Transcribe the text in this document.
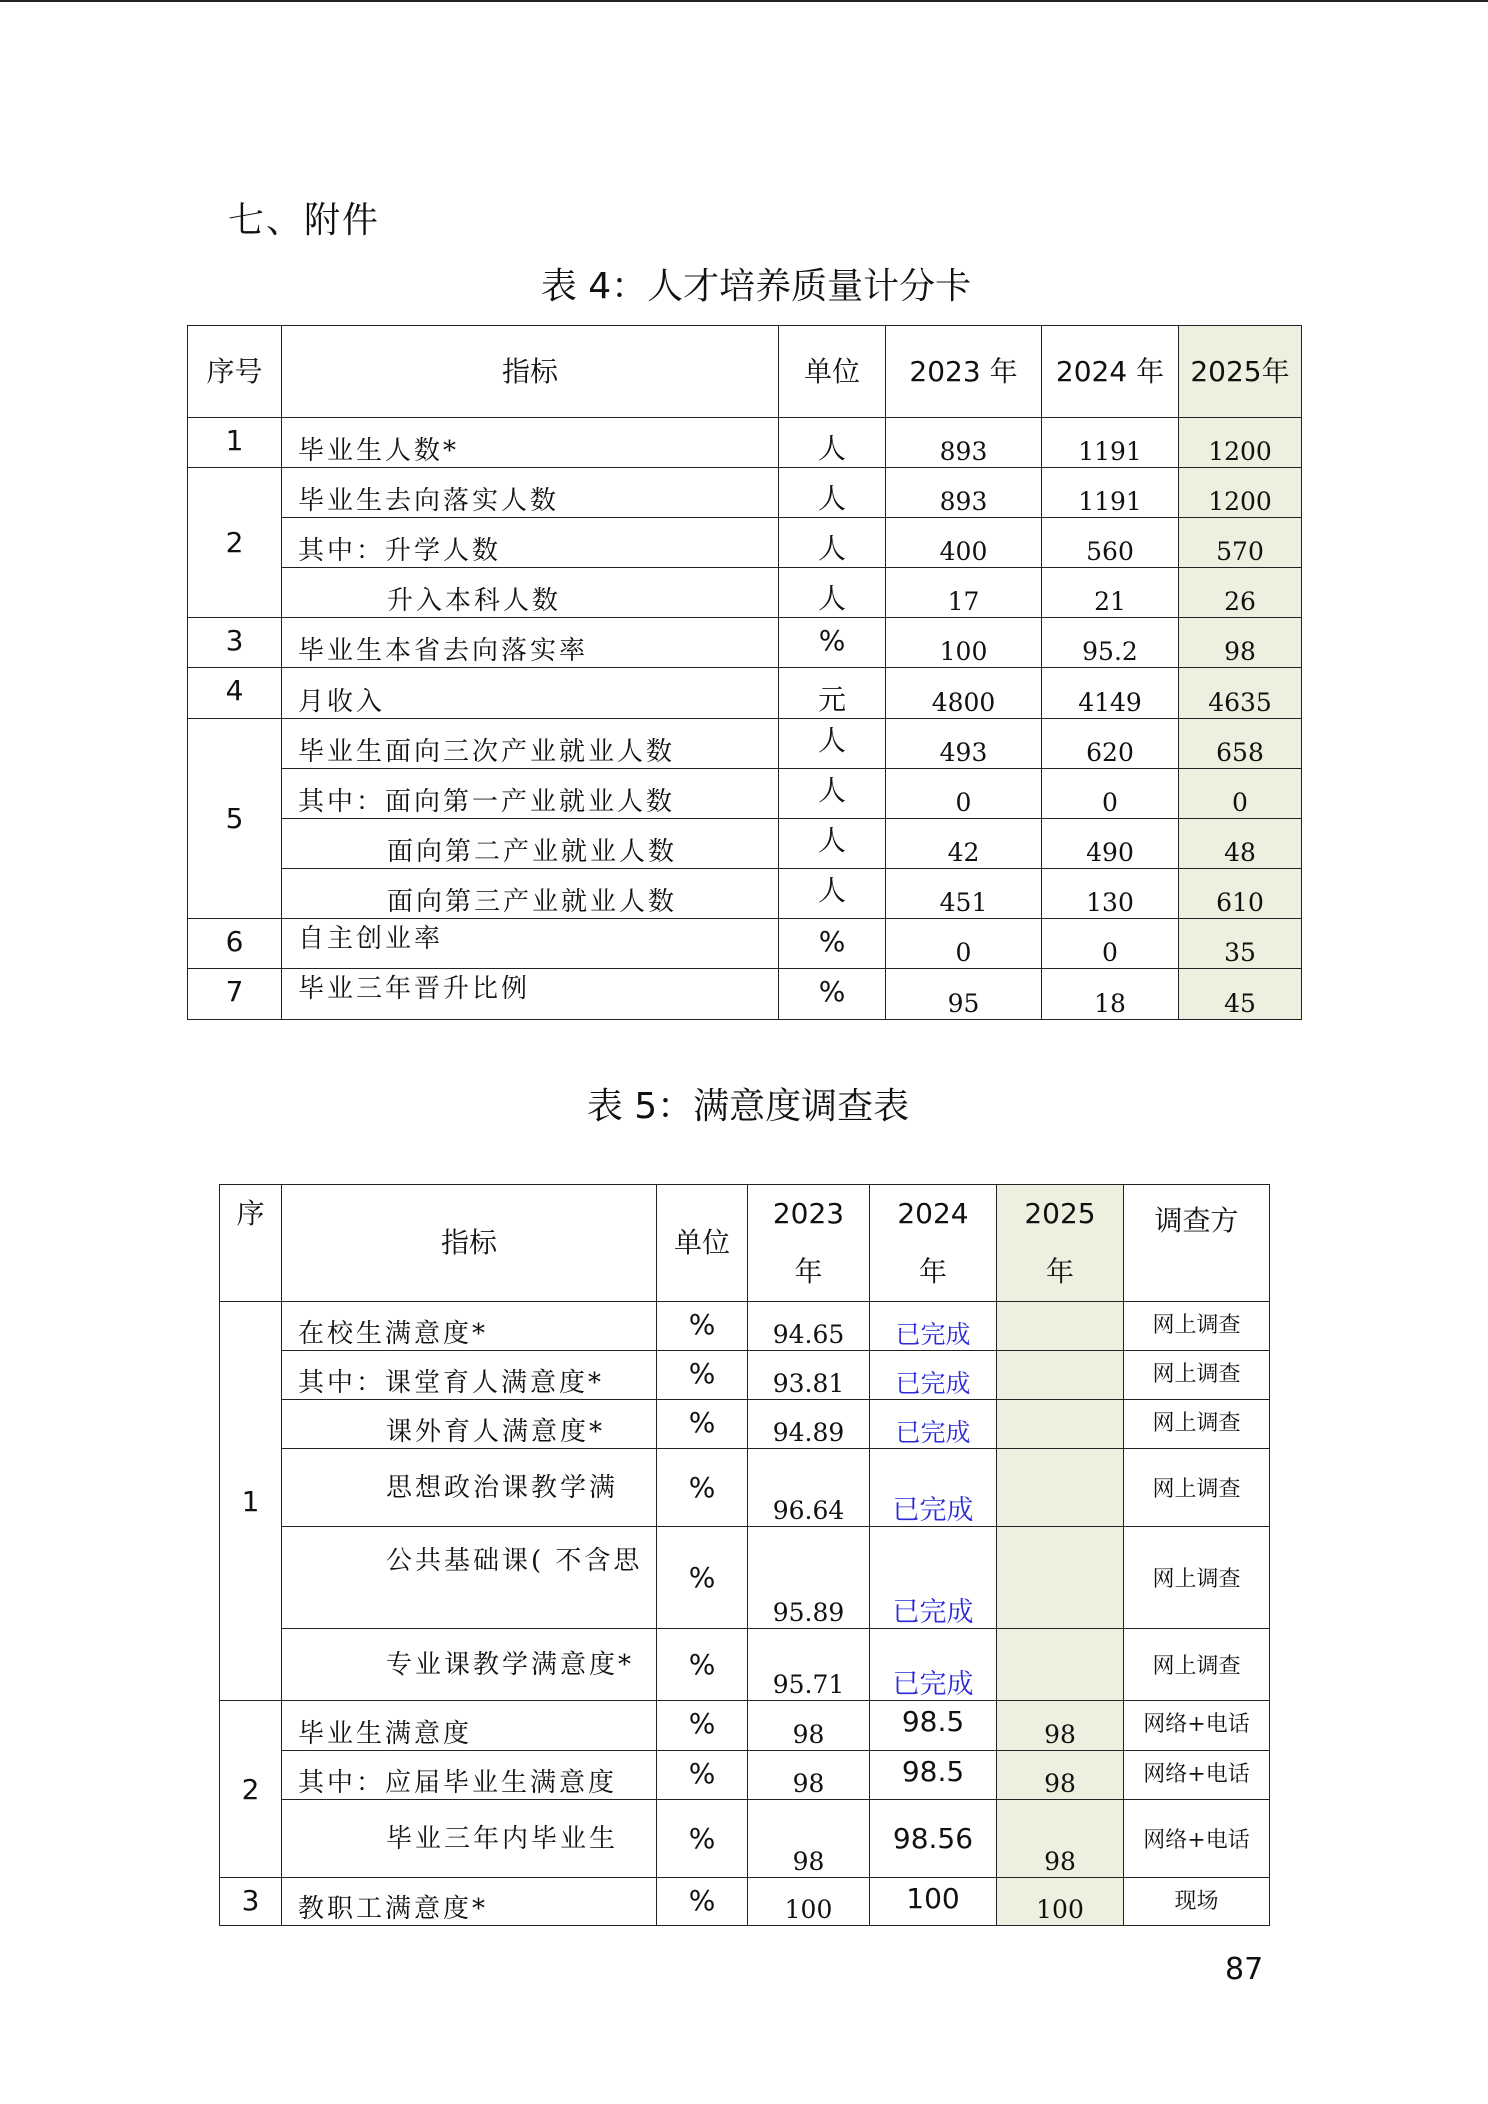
七、附件
表 4：人才培养质量计分卡
序号	指标	单位	2023 年	2024 年	2025年
1	毕业生人数*	人	893	1191	1200
2	毕业生去向落实人数	人	893	1191	1200
	其中：升学人数	人	400	560	570
	升入本科人数	人	17	21	26
3	毕业生本省去向落实率	%	100	95.2	98
4	月收入	元	4800	4149	4635
5	毕业生面向三次产业就业人数	人	493	620	658
	其中：面向第一产业就业人数	人	0	0	0
	面向第二产业就业人数	人	42	490	48
	面向第三产业就业人数	人	451	130	610
6	自主创业率	%	0	0	35
7	毕业三年晋升比例	%	95	18	45
表 5：满意度调查表
序	指标	单位	2023年	2024年	2025年	调查方
1	在校生满意度*	%	94.65	已完成		网上调查
	其中：课堂育人满意度*	%	93.81	已完成		网上调查
	课外育人满意度*	%	94.89	已完成		网上调查
	思想政治课教学满	%	96.64	已完成		网上调查
	公共基础课( 不含思	%	95.89	已完成		网上调查
	专业课教学满意度*	%	95.71	已完成		网上调查
2	毕业生满意度	%	98	98.5	98	网络+电话
	其中：应届毕业生满意度	%	98	98.5	98	网络+电话
	毕业三年内毕业生	%	98	98.56	98	网络+电话
3	教职工满意度*	%	100	100	100	现场
87
